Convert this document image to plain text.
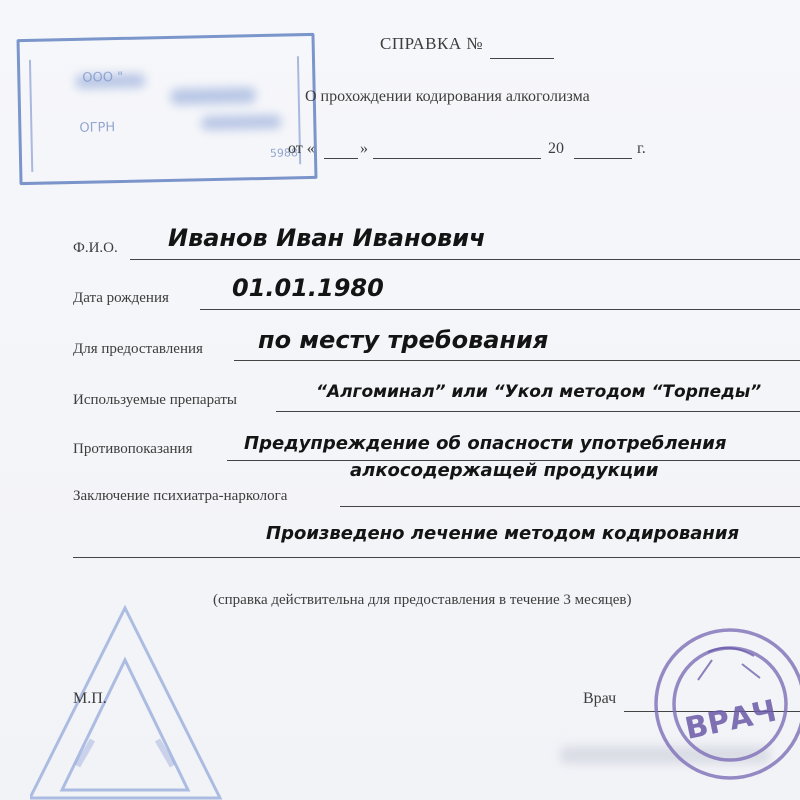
ООО "
ОГРН
5988
СПРАВКА №
О прохождении кодирования алкоголизма
от «	»	20	г.
Ф.И.О. Иванов Иван Иванович
Дата рождения	01.01.1980
Для предоставления по месту требования
Используемые препараты	“Алгоминал” или “Укол методом “Торпеды”
Противопоказания	Предупреждение об опасности употребления
алкосодержащей продукции
Заключение психиатра-нарколога
Произведено лечение методом кодирования
(справка действительна для предоставления в течение 3 месяцев)
М.П.	Врач ВРАЧ
